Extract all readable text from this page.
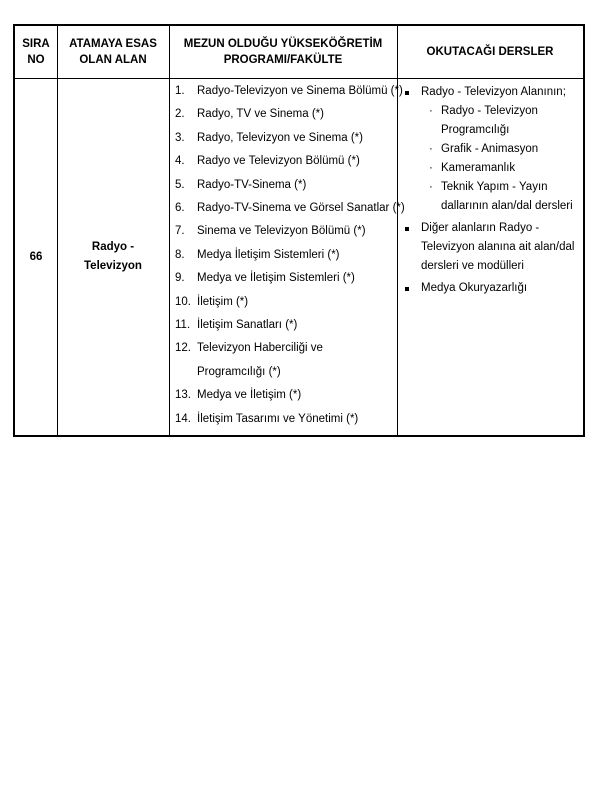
SIRA
NO
ATAMAYA ESAS
OLAN ALAN
MEZUN OLDUĞU YÜKSEKÖĞRETİM
PROGRAMI/FAKÜLTE
OKUTACAĞI DERSLER
66
Radyo -
Televizyon
1. Radyo-Televizyon ve Sinema Bölümü (*)
2. Radyo, TV ve Sinema (*)
3. Radyo, Televizyon ve Sinema (*)
4. Radyo ve Televizyon Bölümü (*)
5. Radyo-TV-Sinema (*)
6. Radyo-TV-Sinema ve Görsel Sanatlar (*)
7. Sinema ve Televizyon Bölümü (*)
8. Medya İletişim Sistemleri (*)
9. Medya ve İletişim Sistemleri (*)
10. İletişim (*)
11. İletişim Sanatları (*)
12. Televizyon Haberciliği ve
Programcılığı (*)
13. Medya ve İletişim (*)
14. İletişim Tasarımı ve Yönetimi (*)
Radyo - Televizyon Alanının;
· Radyo - Televizyon
Programcılığı
· Grafik - Animasyon
· Kameramanlık
· Teknik Yapım - Yayın
dallarının alan/dal dersleri
Diğer alanların Radyo -
Televizyon alanına ait alan/dal
dersleri ve modülleri
Medya Okuryazarlığı
